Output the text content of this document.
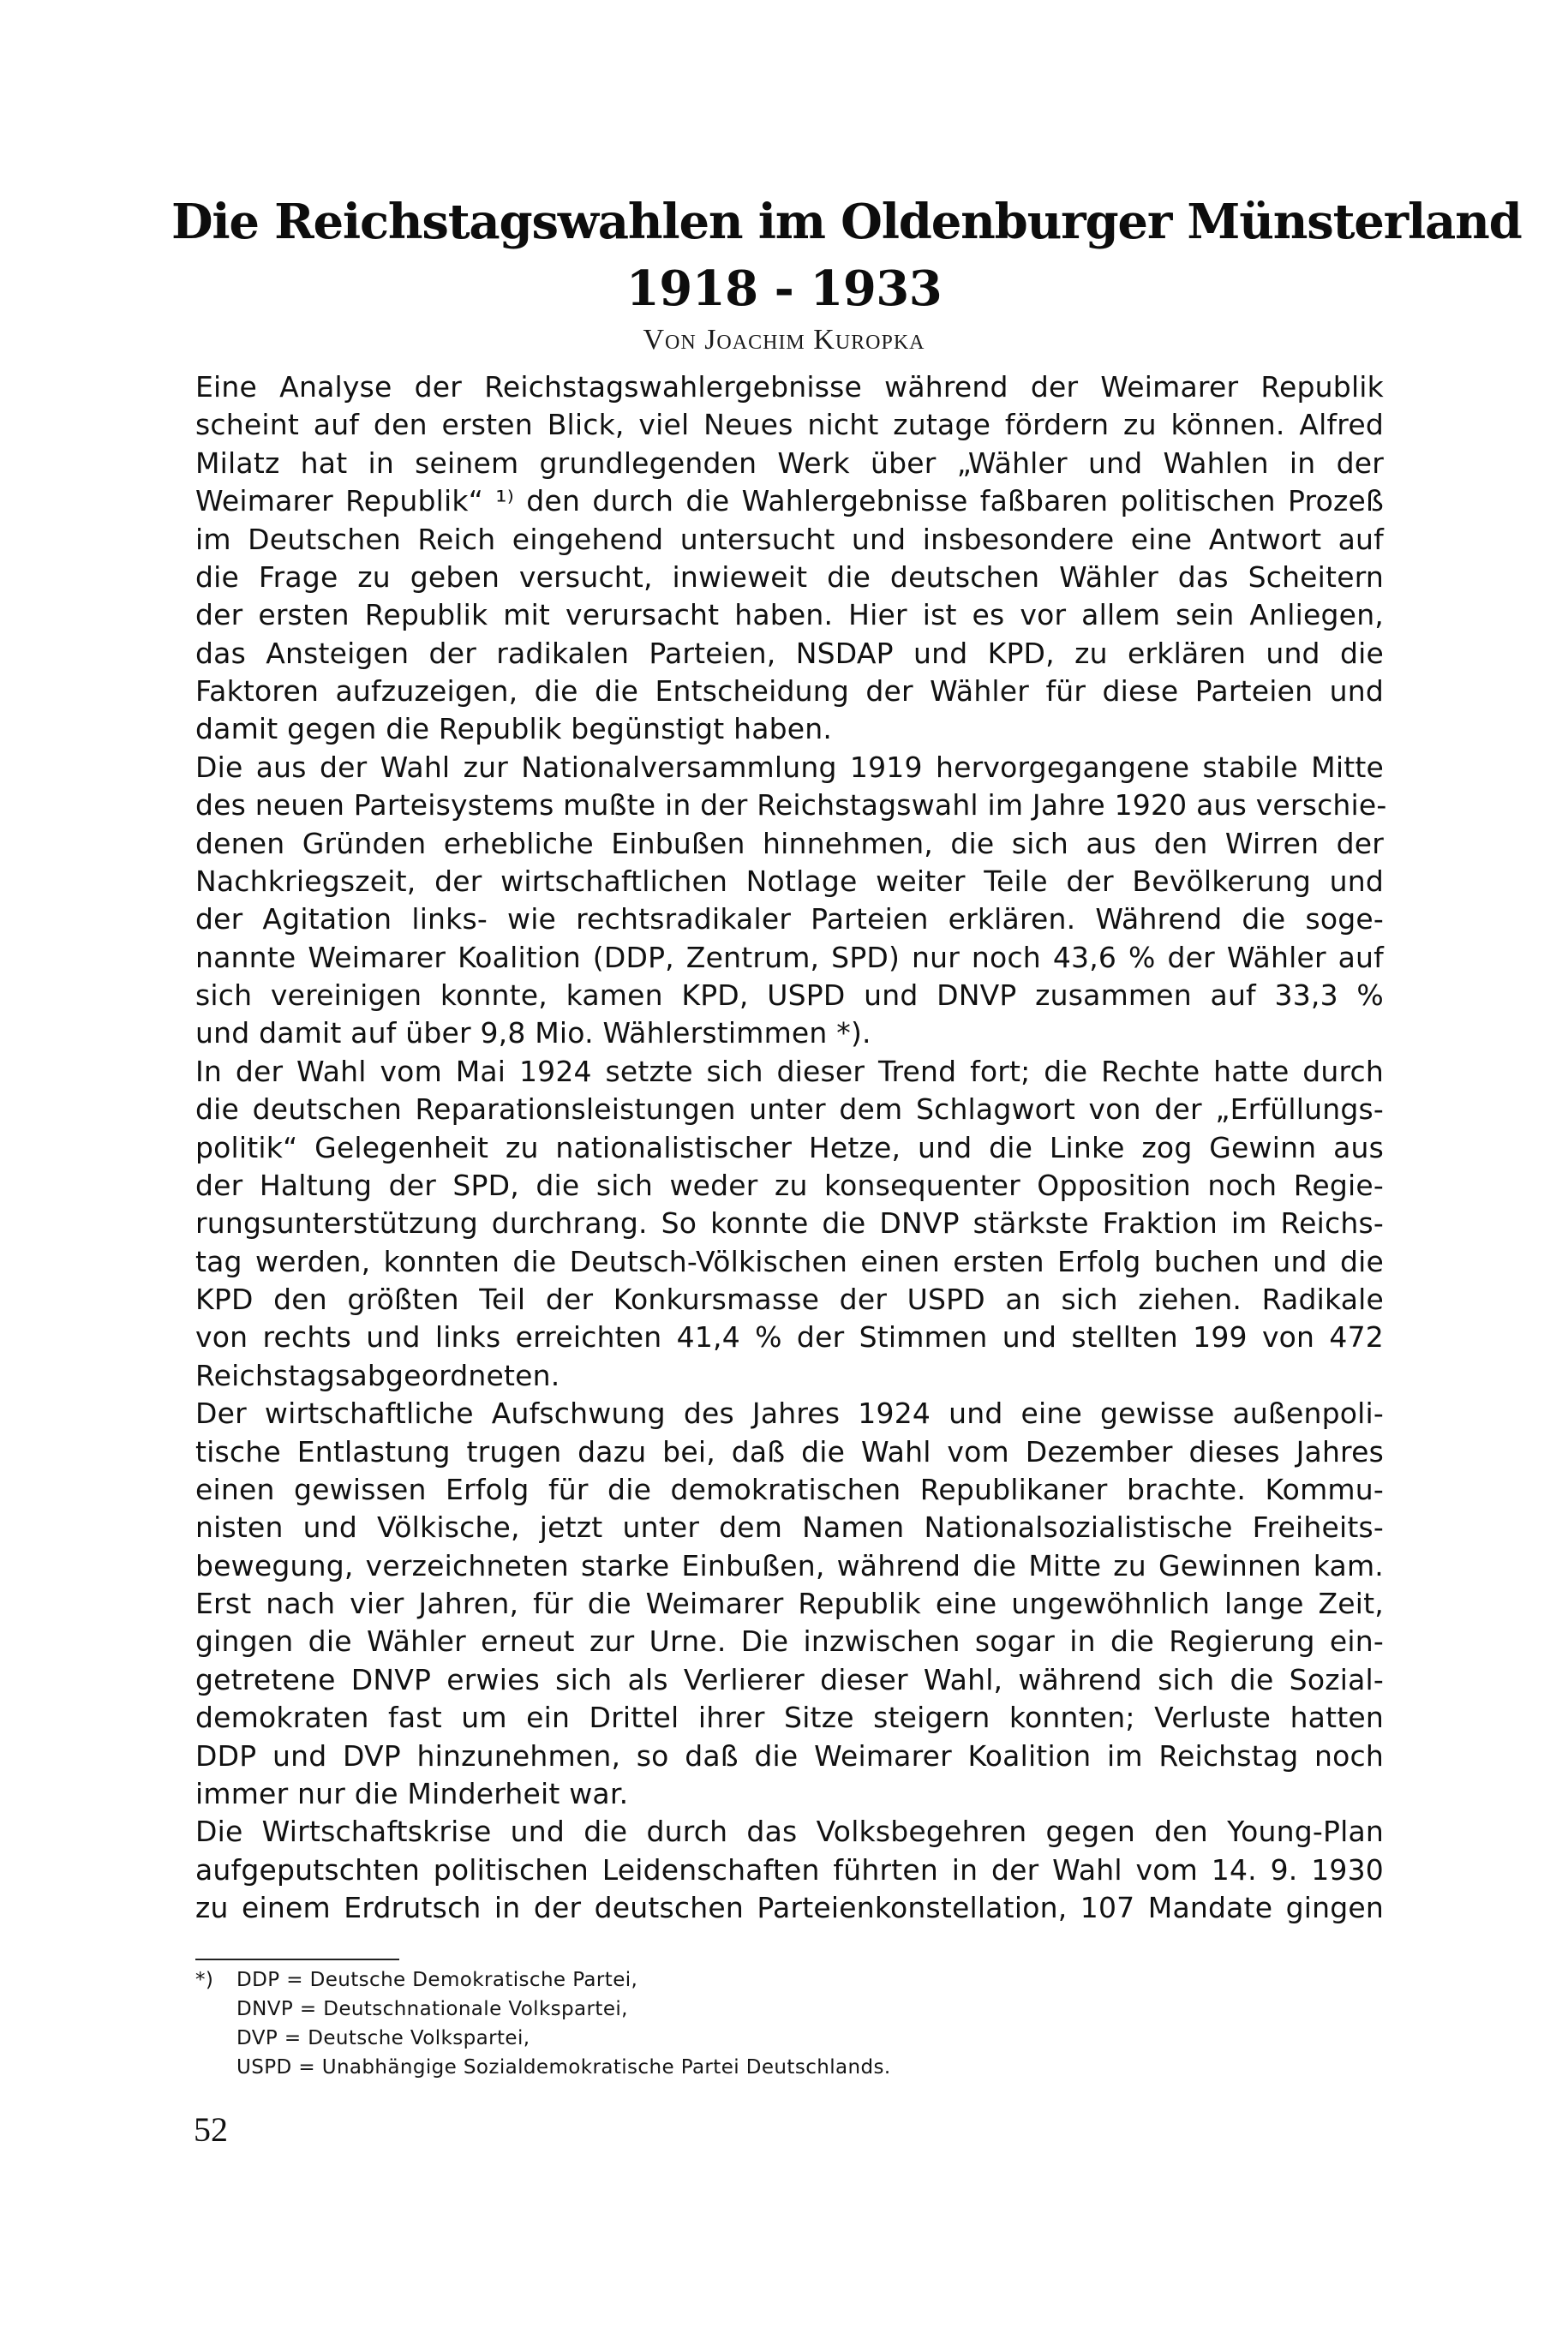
Die Reichstagswahlen im Oldenburger Münsterland
1918 - 1933
Von Joachim Kuropka
Eine Analyse der Reichstagswahlergebnisse während der Weimarer Republik
scheint auf den ersten Blick, viel Neues nicht zutage fördern zu können. Alfred
Milatz hat in seinem grundlegenden Werk über „Wähler und Wahlen in der
Weimarer Republik“ ¹⁾ den durch die Wahlergebnisse faßbaren politischen Prozeß
im Deutschen Reich eingehend untersucht und insbesondere eine Antwort auf
die Frage zu geben versucht, inwieweit die deutschen Wähler das Scheitern
der ersten Republik mit verursacht haben. Hier ist es vor allem sein Anliegen,
das Ansteigen der radikalen Parteien, NSDAP und KPD, zu erklären und die
Faktoren aufzuzeigen, die die Entscheidung der Wähler für diese Parteien und
damit gegen die Republik begünstigt haben.
Die aus der Wahl zur Nationalversammlung 1919 hervorgegangene stabile Mitte
des neuen Parteisystems mußte in der Reichstagswahl im Jahre 1920 aus verschie-
denen Gründen erhebliche Einbußen hinnehmen, die sich aus den Wirren der
Nachkriegszeit, der wirtschaftlichen Notlage weiter Teile der Bevölkerung und
der Agitation links- wie rechtsradikaler Parteien erklären. Während die soge-
nannte Weimarer Koalition (DDP, Zentrum, SPD) nur noch 43,6 % der Wähler auf
sich vereinigen konnte, kamen KPD, USPD und DNVP zusammen auf 33,3 %
und damit auf über 9,8 Mio. Wählerstimmen *).
In der Wahl vom Mai 1924 setzte sich dieser Trend fort; die Rechte hatte durch
die deutschen Reparationsleistungen unter dem Schlagwort von der „Erfüllungs-
politik“ Gelegenheit zu nationalistischer Hetze, und die Linke zog Gewinn aus
der Haltung der SPD, die sich weder zu konsequenter Opposition noch Regie-
rungsunterstützung durchrang. So konnte die DNVP stärkste Fraktion im Reichs-
tag werden, konnten die Deutsch-Völkischen einen ersten Erfolg buchen und die
KPD den größten Teil der Konkursmasse der USPD an sich ziehen. Radikale
von rechts und links erreichten 41,4 % der Stimmen und stellten 199 von 472
Reichstagsabgeordneten.
Der wirtschaftliche Aufschwung des Jahres 1924 und eine gewisse außenpoli-
tische Entlastung trugen dazu bei, daß die Wahl vom Dezember dieses Jahres
einen gewissen Erfolg für die demokratischen Republikaner brachte. Kommu-
nisten und Völkische, jetzt unter dem Namen Nationalsozialistische Freiheits-
bewegung, verzeichneten starke Einbußen, während die Mitte zu Gewinnen kam.
Erst nach vier Jahren, für die Weimarer Republik eine ungewöhnlich lange Zeit,
gingen die Wähler erneut zur Urne. Die inzwischen sogar in die Regierung ein-
getretene DNVP erwies sich als Verlierer dieser Wahl, während sich die Sozial-
demokraten fast um ein Drittel ihrer Sitze steigern konnten; Verluste hatten
DDP und DVP hinzunehmen, so daß die Weimarer Koalition im Reichstag noch
immer nur die Minderheit war.
Die Wirtschaftskrise und die durch das Volksbegehren gegen den Young-Plan
aufgeputschten politischen Leidenschaften führten in der Wahl vom 14. 9. 1930
zu einem Erdrutsch in der deutschen Parteienkonstellation, 107 Mandate gingen
*) DDP = Deutsche Demokratische Partei,
DNVP = Deutschnationale Volkspartei,
DVP = Deutsche Volkspartei,
USPD = Unabhängige Sozialdemokratische Partei Deutschlands.
52
